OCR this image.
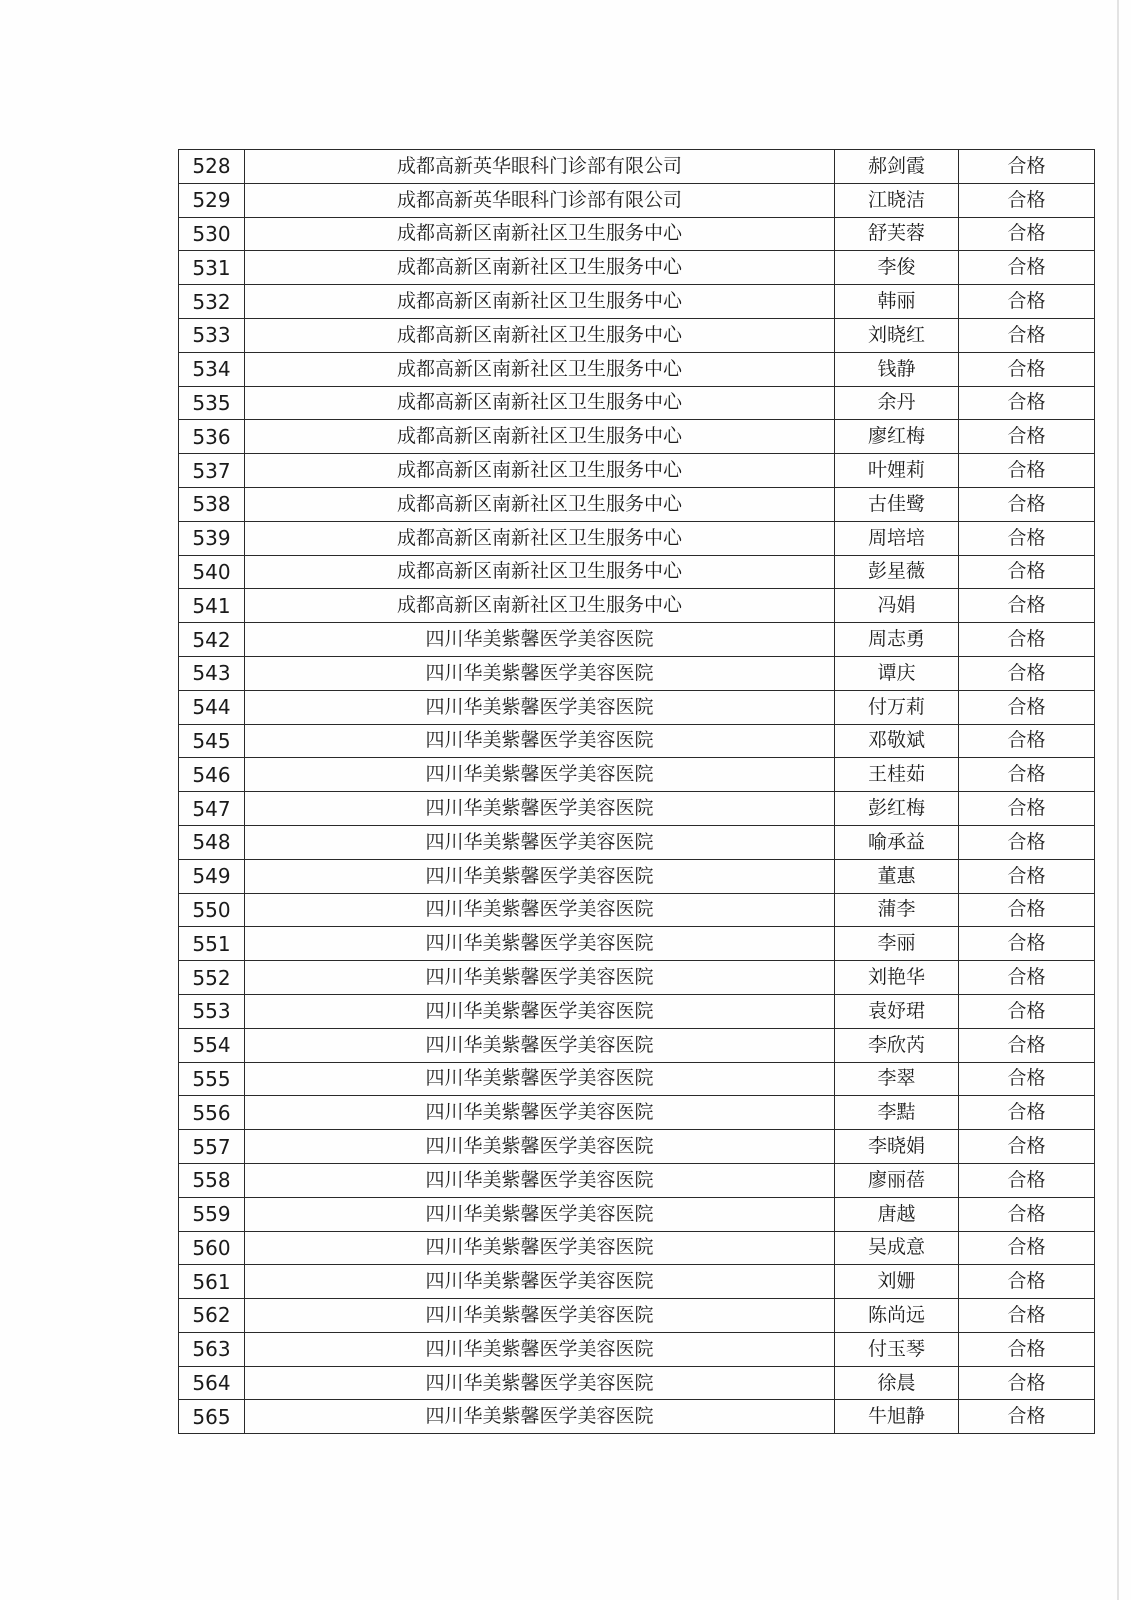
528	成都高新英华眼科门诊部有限公司	郝剑霞	合格
529	成都高新英华眼科门诊部有限公司	江晓洁	合格
530	成都高新区南新社区卫生服务中心	舒芙蓉	合格
531	成都高新区南新社区卫生服务中心	李俊	合格
532	成都高新区南新社区卫生服务中心	韩丽	合格
533	成都高新区南新社区卫生服务中心	刘晓红	合格
534	成都高新区南新社区卫生服务中心	钱静	合格
535	成都高新区南新社区卫生服务中心	余丹	合格
536	成都高新区南新社区卫生服务中心	廖红梅	合格
537	成都高新区南新社区卫生服务中心	叶娌莉	合格
538	成都高新区南新社区卫生服务中心	古佳鹭	合格
539	成都高新区南新社区卫生服务中心	周培培	合格
540	成都高新区南新社区卫生服务中心	彭星薇	合格
541	成都高新区南新社区卫生服务中心	冯娟	合格
542	四川华美紫馨医学美容医院	周志勇	合格
543	四川华美紫馨医学美容医院	谭庆	合格
544	四川华美紫馨医学美容医院	付万莉	合格
545	四川华美紫馨医学美容医院	邓敬斌	合格
546	四川华美紫馨医学美容医院	王桂茹	合格
547	四川华美紫馨医学美容医院	彭红梅	合格
548	四川华美紫馨医学美容医院	喻承益	合格
549	四川华美紫馨医学美容医院	董惠	合格
550	四川华美紫馨医学美容医院	蒲李	合格
551	四川华美紫馨医学美容医院	李丽	合格
552	四川华美紫馨医学美容医院	刘艳华	合格
553	四川华美紫馨医学美容医院	袁妤珺	合格
554	四川华美紫馨医学美容医院	李欣芮	合格
555	四川华美紫馨医学美容医院	李翠	合格
556	四川华美紫馨医学美容医院	李黠	合格
557	四川华美紫馨医学美容医院	李晓娟	合格
558	四川华美紫馨医学美容医院	廖丽蓓	合格
559	四川华美紫馨医学美容医院	唐越	合格
560	四川华美紫馨医学美容医院	吴成意	合格
561	四川华美紫馨医学美容医院	刘姗	合格
562	四川华美紫馨医学美容医院	陈尚远	合格
563	四川华美紫馨医学美容医院	付玉琴	合格
564	四川华美紫馨医学美容医院	徐晨	合格
565	四川华美紫馨医学美容医院	牛旭静	合格
